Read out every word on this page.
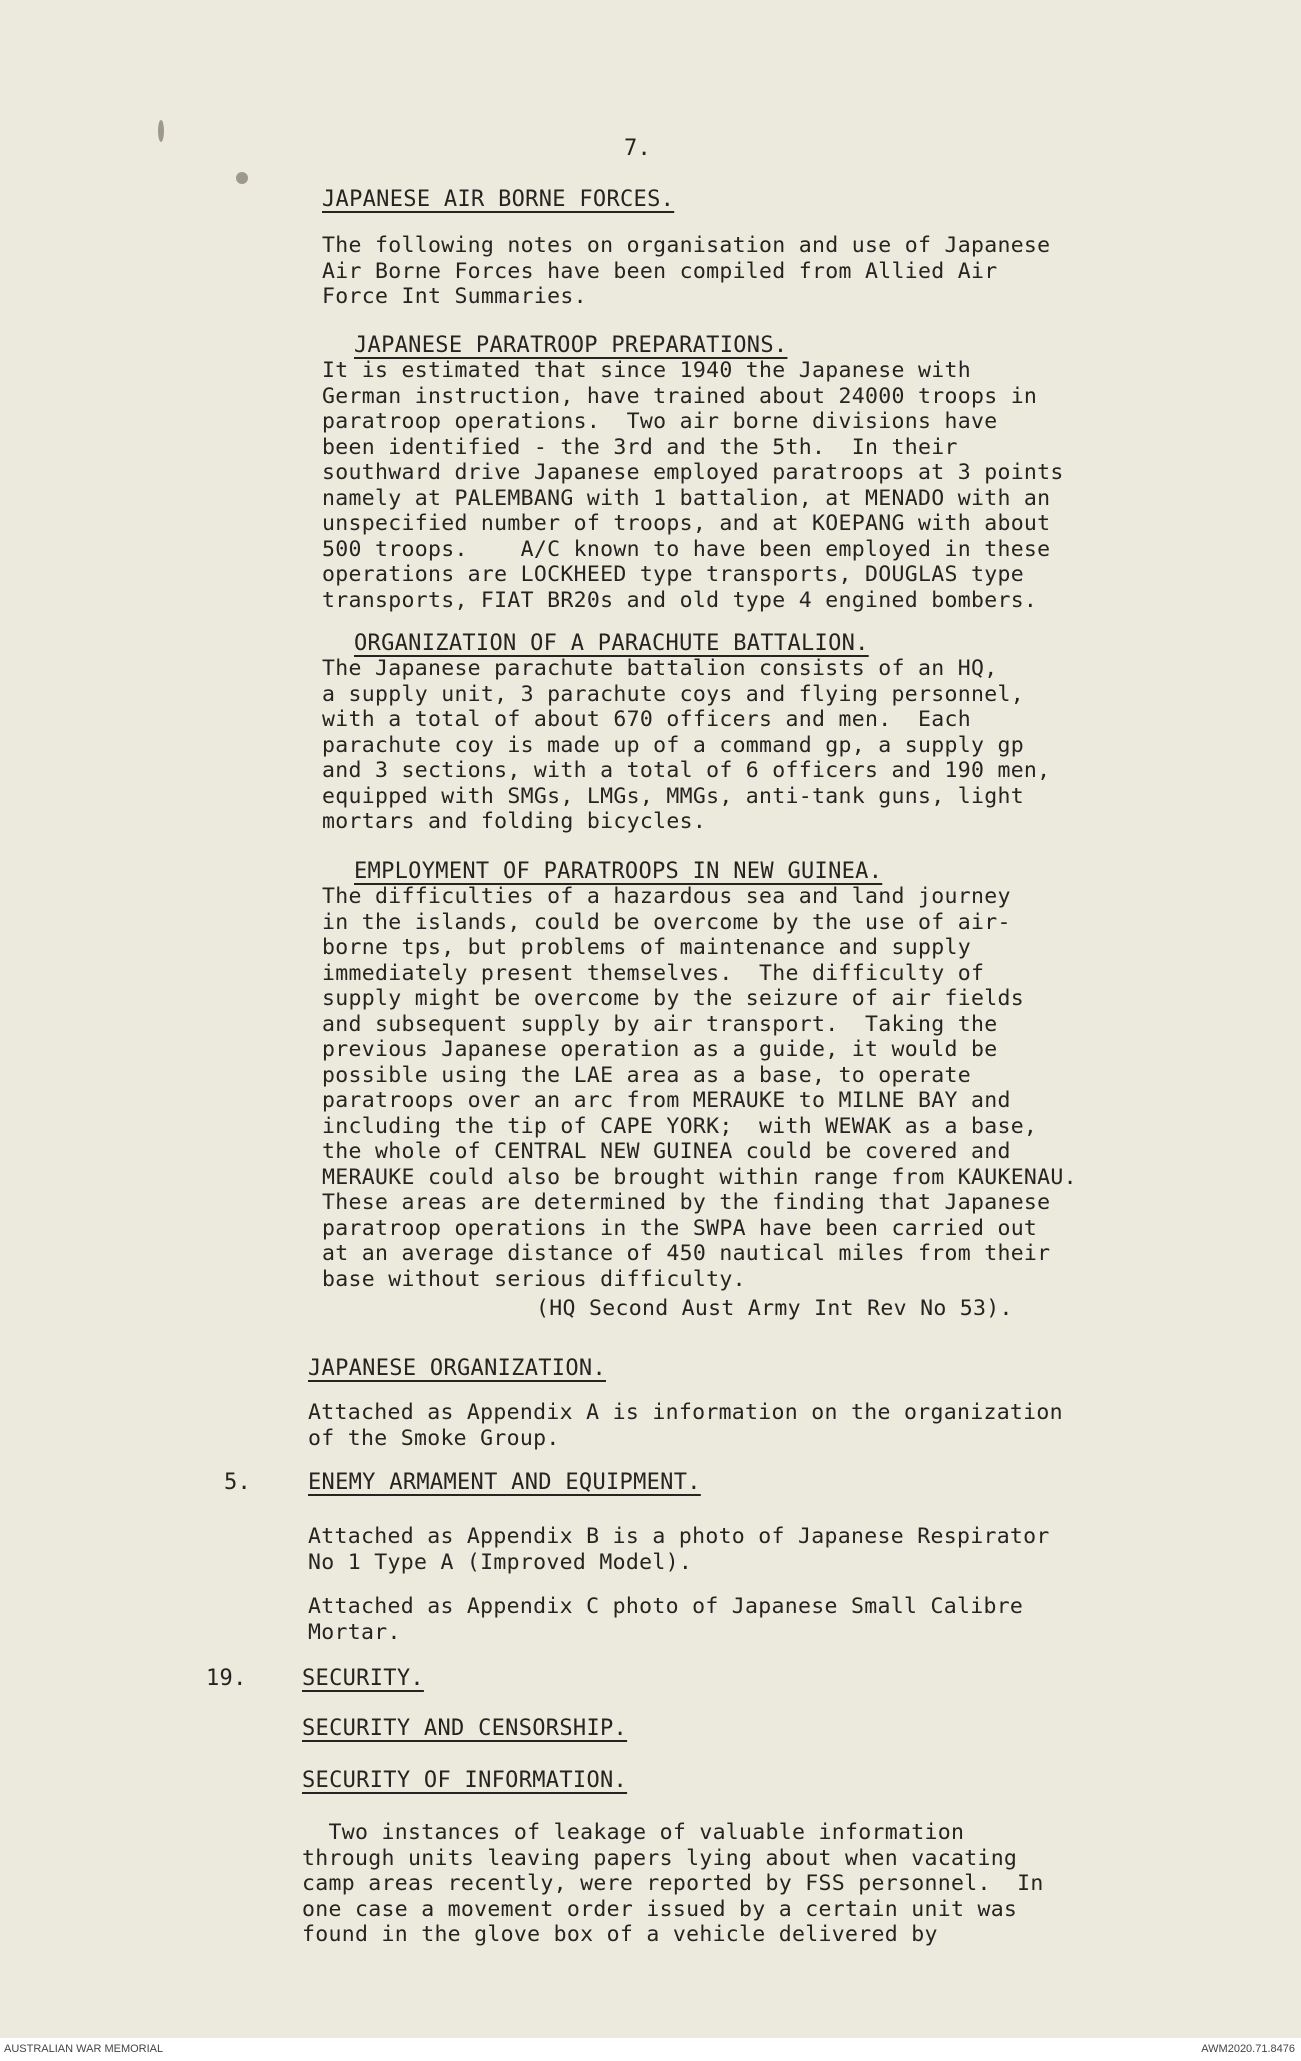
7.

JAPANESE AIR BORNE FORCES.

The following notes on organisation and use of Japanese
Air Borne Forces have been compiled from Allied Air
Force Int Summaries.

JAPANESE PARATROOP PREPARATIONS.

It is estimated that since 1940 the Japanese with
German instruction, have trained about 24000 troops in
paratroop operations.  Two air borne divisions have
been identified - the 3rd and the 5th.  In their
southward drive Japanese employed paratroops at 3 points
namely at PALEMBANG with 1 battalion, at MENADO with an
unspecified number of troops, and at KOEPANG with about
500 troops.    A/C known to have been employed in these
operations are LOCKHEED type transports, DOUGLAS type
transports, FIAT BR20s and old type 4 engined bombers.

ORGANIZATION OF A PARACHUTE BATTALION.

The Japanese parachute battalion consists of an HQ,
a supply unit, 3 parachute coys and flying personnel,
with a total of about 670 officers and men.  Each
parachute coy is made up of a command gp, a supply gp
and 3 sections, with a total of 6 officers and 190 men,
equipped with SMGs, LMGs, MMGs, anti-tank guns, light
mortars and folding bicycles.

EMPLOYMENT OF PARATROOPS IN NEW GUINEA.

The difficulties of a hazardous sea and land journey
in the islands, could be overcome by the use of air-
borne tps, but problems of maintenance and supply
immediately present themselves.  The difficulty of
supply might be overcome by the seizure of air fields
and subsequent supply by air transport.  Taking the
previous Japanese operation as a guide, it would be
possible using the LAE area as a base, to operate
paratroops over an arc from MERAUKE to MILNE BAY and
including the tip of CAPE YORK;  with WEWAK as a base,
the whole of CENTRAL NEW GUINEA could be covered and
MERAUKE could also be brought within range from KAUKENAU.
These areas are determined by the finding that Japanese
paratroop operations in the SWPA have been carried out
at an average distance of 450 nautical miles from their
base without serious difficulty.

(HQ Second Aust Army Int Rev No 53).

JAPANESE ORGANIZATION.

Attached as Appendix A is information on the organization
of the Smoke Group.

5.	ENEMY ARMAMENT AND EQUIPMENT.

Attached as Appendix B is a photo of Japanese Respirator
No 1 Type A (Improved Model).

Attached as Appendix C photo of Japanese Small Calibre
Mortar.

19.	SECURITY.

SECURITY AND CENSORSHIP.

SECURITY OF INFORMATION.

Two instances of leakage of valuable information
through units leaving papers lying about when vacating
camp areas recently, were reported by FSS personnel.  In
one case a movement order issued by a certain unit was
found in the glove box of a vehicle delivered by

AUSTRALIAN WAR MEMORIAL	AWM2020.71.8476
